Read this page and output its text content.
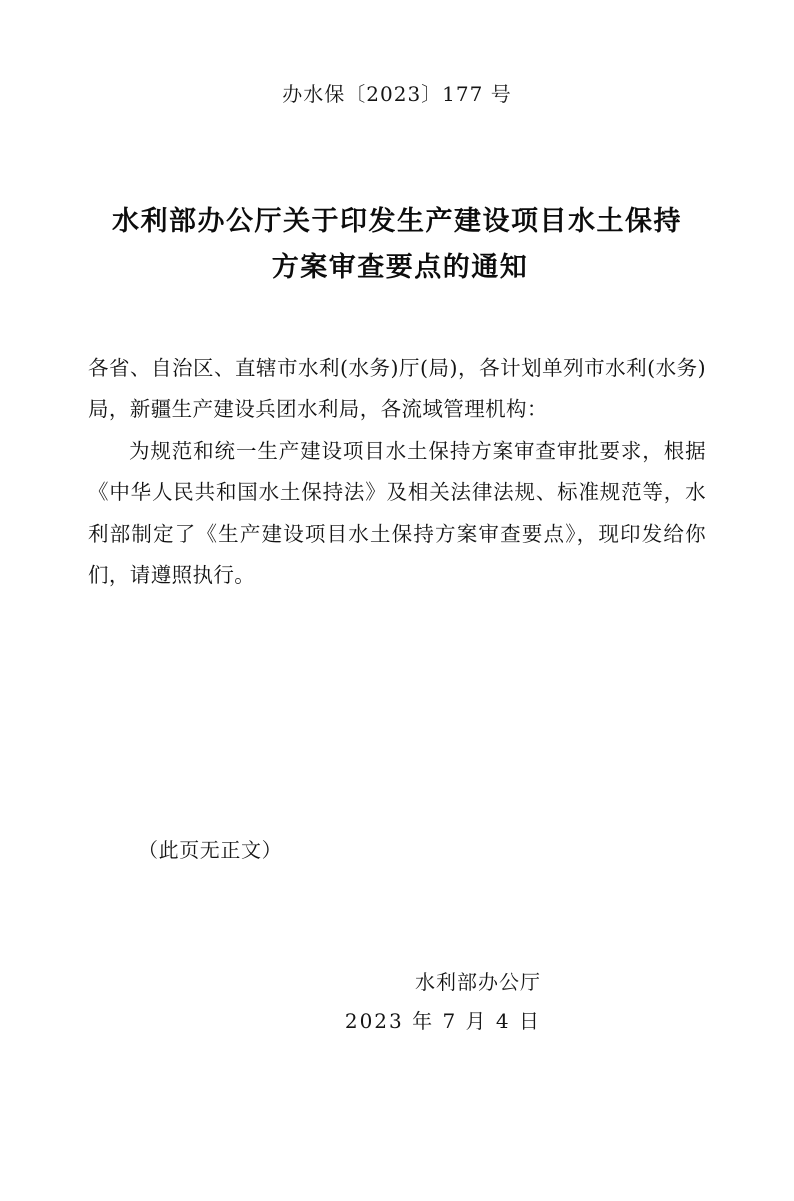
办水保〔2023〕177 号
水利部办公厅关于印发生产建设项目水土保持
方案审查要点的通知

各省、自治区、直辖市水利(水务)厅(局)，各计划单列市水利(水务)局，新疆生产建设兵团水利局，各流域管理机构：

为规范和统一生产建设项目水土保持方案审查审批要求，根据《中华人民共和国水土保持法》及相关法律法规、标准规范等，水利部制定了《生产建设项目水土保持方案审查要点》，现印发给你们，请遵照执行。

（此页无正文）
水利部办公厅
2023 年 7 月 4 日
